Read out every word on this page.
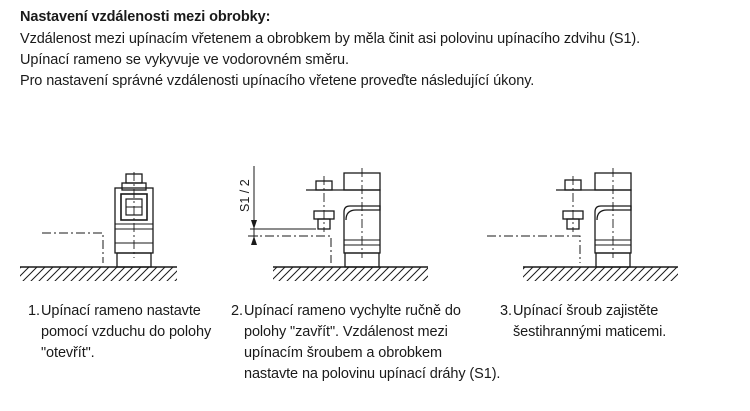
Nastavení vzdálenosti mezi obrobky:
Vzdálenost mezi upínacím vřetenem a obrobkem by měla činit asi polovinu upínacího zdvihu (S1).
Upínací rameno se vykyvuje ve vodorovném směru.
Pro nastavení správné vzdálenosti upínacího vřetene proveďte následující úkony.
S1 / 2
1. Upínací rameno nastavte
pomocí vzduchu do polohy
"otevřít".
2. Upínací rameno vychylte ručně do
polohy "zavřít". Vzdálenost mezi
upínacím šroubem a obrobkem
nastavte na polovinu upínací dráhy (S1).
3. Upínací šroub zajistěte
šestihrannými maticemi.
